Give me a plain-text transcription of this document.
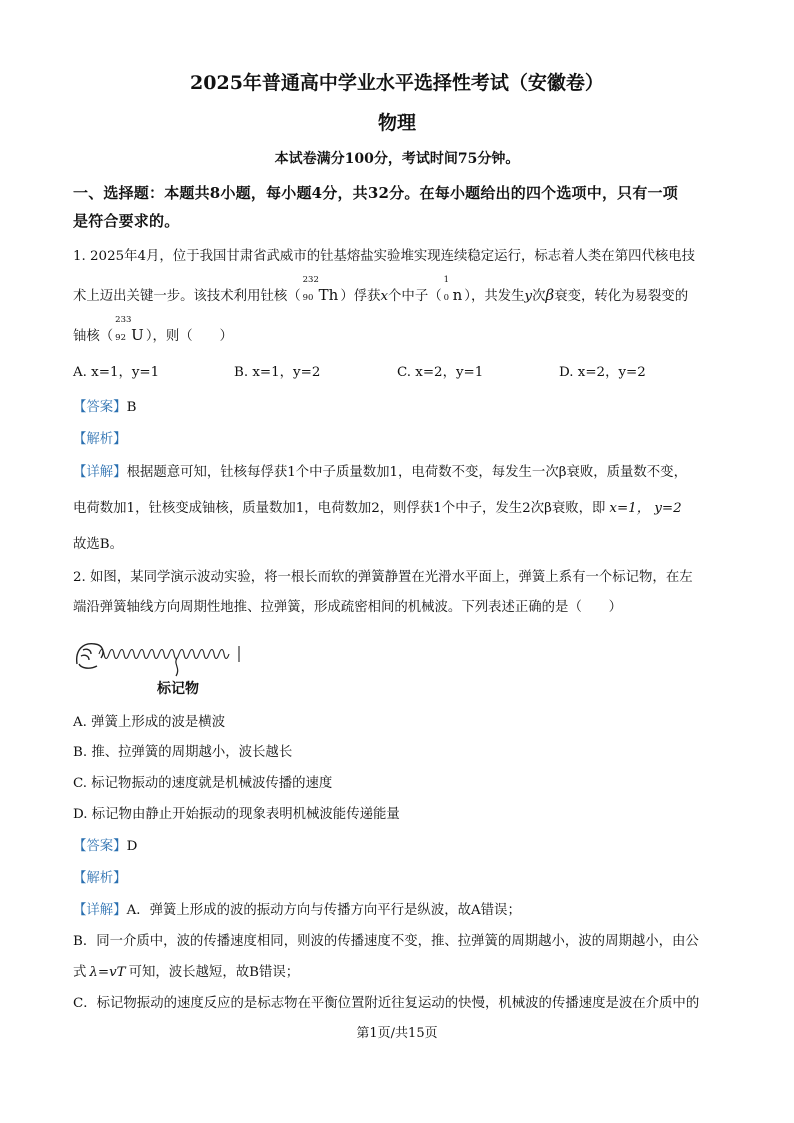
2025年普通高中学业水平选择性考试（安徽卷）
物理
本试卷满分100分，考试时间75分钟。
一、选择题：本题共8小题，每小题4分，共32分。在每小题给出的四个选项中，只有一项
是符合要求的。
1. 2025年4月，位于我国甘肃省武威市的钍基熔盐实验堆实现连续稳定运行，标志着人类在第四代核电技
术上迈出关键一步。该技术利用钍核（
232
90 Th ）俘获x个中子（
1
0 n ），共发生y次β衰变，转化为易裂变的
铀核（
233
92 U ），则（　　）
A. x=1，y=1	B. x=1，y=2	C. x=2，y=1	D. x=2，y=2
【答案】B
【解析】
【详解】根据题意可知，钍核每俘获1个中子质量数加1，电荷数不变，每发生一次β衰败，质量数不变，
电荷数加1，钍核变成铀核，质量数加1，电荷数加2，则俘获1个中子，发生2次β衰败，即 x=1， y=2
故选B。
2. 如图，某同学演示波动实验，将一根长而软的弹簧静置在光滑水平面上，弹簧上系有一个标记物，在左
端沿弹簧轴线方向周期性地推、拉弹簧，形成疏密相间的机械波。下列表述正确的是（　　）
标记物
A. 弹簧上形成的波是横波
B. 推、拉弹簧的周期越小，波长越长
C. 标记物振动的速度就是机械波传播的速度
D. 标记物由静止开始振动的现象表明机械波能传递能量
【答案】D
【解析】
【详解】A．弹簧上形成的波的振动方向与传播方向平行是纵波，故A错误；
B．同一介质中，波的传播速度相同，则波的传播速度不变，推、拉弹簧的周期越小，波的周期越小，由公
式 λ=vT 可知，波长越短，故B错误；
C．标记物振动的速度反应的是标志物在平衡位置附近往复运动的快慢，机械波的传播速度是波在介质中的
第1页/共15页
